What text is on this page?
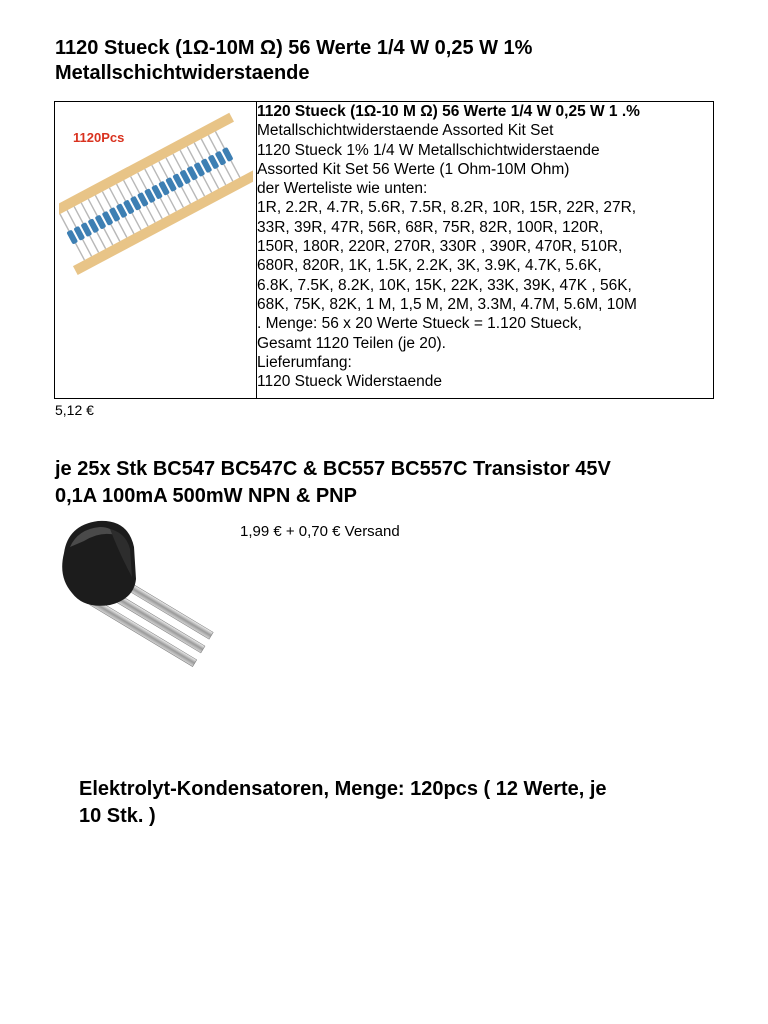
1120 Stueck (1Ω-10M Ω) 56 Werte 1/4 W 0,25 W 1%
Metallschichtwiderstaende
1120Pcs

1120 Stueck (1Ω-10 M Ω) 56 Werte 1/4 W 0,25 W 1 .%
Metallschichtwiderstaende Assorted Kit Set
1120 Stueck 1% 1/4 W Metallschichtwiderstaende
Assorted Kit Set 56 Werte (1 Ohm-10M Ohm)
der Werteliste wie unten:
1R, 2.2R, 4.7R, 5.6R, 7.5R, 8.2R, 10R, 15R, 22R, 27R,
33R, 39R, 47R, 56R, 68R, 75R, 82R, 100R, 120R,
150R, 180R, 220R, 270R, 330R , 390R, 470R, 510R,
680R, 820R, 1K, 1.5K, 2.2K, 3K, 3.9K, 4.7K, 5.6K,
6.8K, 7.5K, 8.2K, 10K, 15K, 22K, 33K, 39K, 47K , 56K,
68K, 75K, 82K, 1 M, 1,5 M, 2M, 3.3M, 4.7M, 5.6M, 10M
. Menge: 56 x 20 Werte Stueck = 1.120 Stueck,
Gesamt 1120 Teilen (je 20).
Lieferumfang:
1120 Stueck Widerstaende
5,12 €
je 25x Stk BC547 BC547C & BC557 BC557C Transistor 45V
0,1A 100mA 500mW NPN & PNP
1,99 € + 0,70 € Versand
Elektrolyt-Kondensatoren, Menge: 120pcs ( 12 Werte, je
10 Stk. )
